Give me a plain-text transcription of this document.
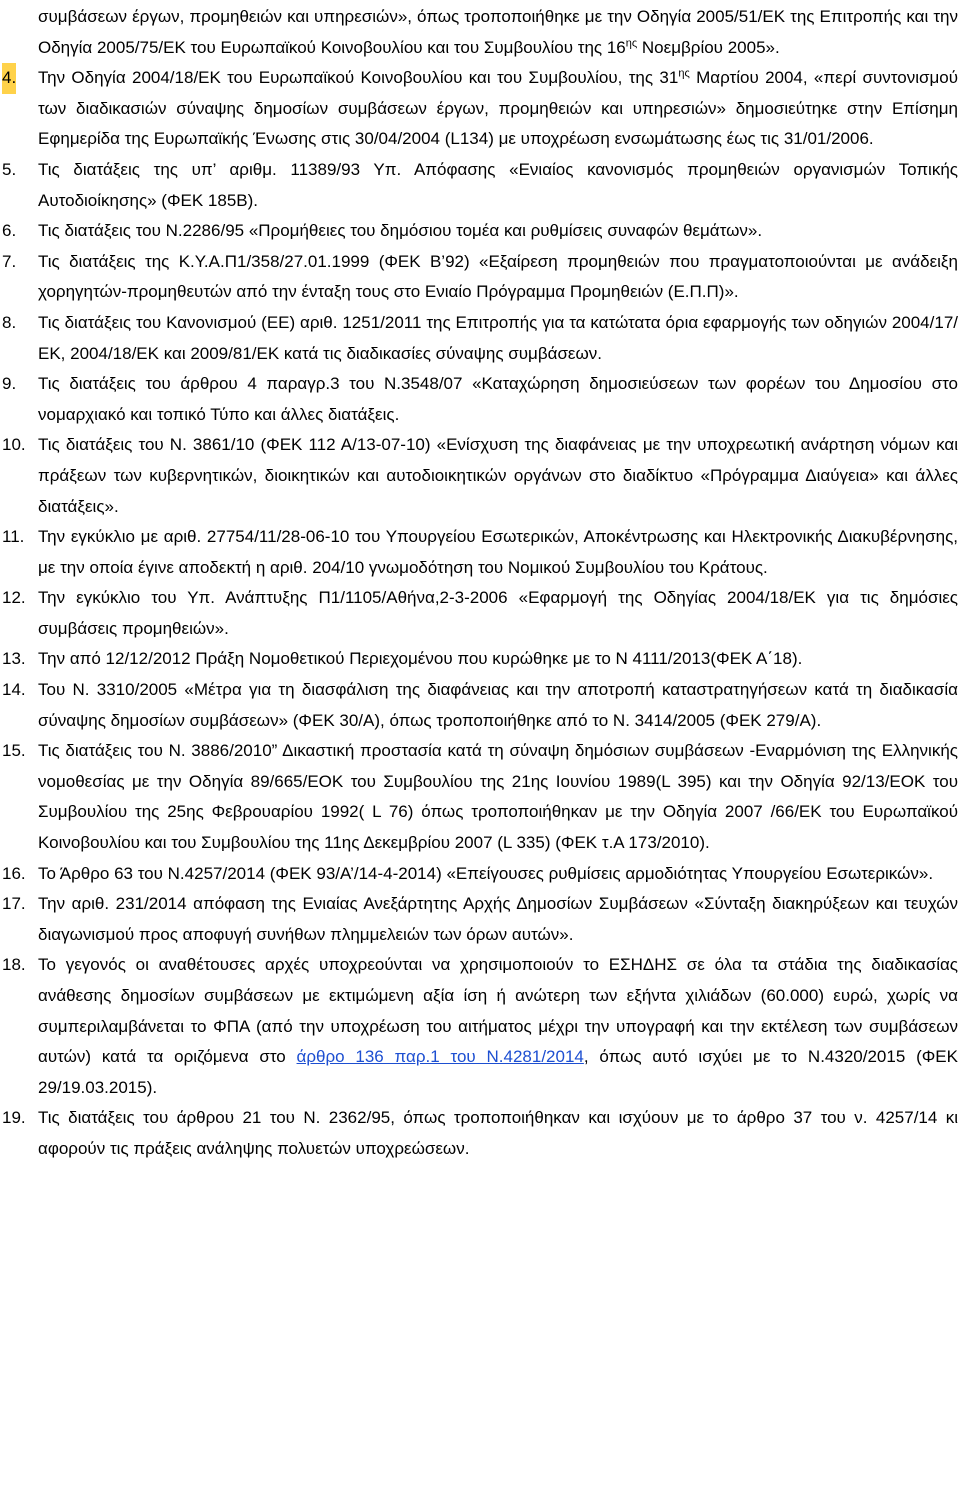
συμβάσεων έργων, προμηθειών και υπηρεσιών», όπως τροποποιήθηκε με την Οδηγία 2005/51/ΕΚ της Επιτροπής και την Οδηγία 2005/75/ΕΚ του Ευρωπαϊκού Κοινοβουλίου και του Συμβουλίου της $16^{\eta\varsigma}$ Νοεμβρίου 2005».

4. Την Οδηγία 2004/18/ΕΚ του Ευρωπαϊκού Κοινοβουλίου και του Συμβουλίου, της $31^{\eta\varsigma}$ Μαρτίου 2004, «περί συντονισμού των διαδικασιών σύναψης δημοσίων συμβάσεων έργων, προμηθειών και υπηρεσιών» δημοσιεύτηκε στην Επίσημη Εφημερίδα της Ευρωπαϊκής Ένωσης στις 30/04/2004 (L134) με υποχρέωση ενσωμάτωσης έως τις 31/01/2006.
5. Τις διατάξεις της υπ’ αριθμ. 11389/93 Υπ. Απόφασης «Ενιαίος κανονισμός προμηθειών οργανισμών Τοπικής Αυτοδιοίκησης» (ΦΕΚ 185Β).
6. Τις διατάξεις του Ν.2286/95 «Προμήθειες του δημόσιου τομέα και ρυθμίσεις συναφών θεμάτων».
7. Τις διατάξεις της Κ.Υ.Α.Π1/358/27.01.1999 (ΦΕΚ Β’92) «Εξαίρεση προμηθειών που πραγματοποιούνται με ανάδειξη χορηγητών-προμηθευτών από την ένταξη τους στο Ενιαίο Πρόγραμμα Προμηθειών (Ε.Π.Π)».
8. Τις διατάξεις του Κανονισμού (ΕΕ) αριθ. 1251/2011 της Επιτροπής για τα κατώτατα όρια εφαρμογής των οδηγιών 2004/17/ΕΚ, 2004/18/ΕΚ και 2009/81/ΕΚ κατά τις διαδικασίες σύναψης συμβάσεων.
9. Τις διατάξεις του άρθρου 4 παραγρ.3 του Ν.3548/07 «Καταχώρηση δημοσιεύσεων των φορέων του Δημοσίου στο νομαρχιακό και τοπικό Τύπο και άλλες διατάξεις.
10. Τις διατάξεις του Ν. 3861/10 (ΦΕΚ 112 Α/13-07-10) «Ενίσχυση της διαφάνειας με την υποχρεωτική ανάρτηση νόμων και πράξεων των κυβερνητικών, διοικητικών και αυτοδιοικητικών οργάνων στο διαδίκτυο «Πρόγραμμα Διαύγεια» και άλλες διατάξεις».
11. Την εγκύκλιο με αριθ. 27754/11/28-06-10 του Υπουργείου Εσωτερικών, Αποκέντρωσης και Ηλεκτρονικής Διακυβέρνησης, με την οποία έγινε αποδεκτή η αριθ. 204/10 γνωμοδότηση του Νομικού Συμβουλίου του Κράτους.
12. Την εγκύκλιο του Υπ. Ανάπτυξης Π1/1105/Αθήνα,2-3-2006 «Εφαρμογή της Οδηγίας 2004/18/ΕΚ για τις δημόσιες συμβάσεις προμηθειών».
13. Την από 12/12/2012 Πράξη Νομοθετικού Περιεχομένου που κυρώθηκε με το Ν 4111/2013(ΦΕΚ Α΄18).
14. Του Ν. 3310/2005 «Μέτρα για τη διασφάλιση της διαφάνειας και την αποτροπή καταστρατηγήσεων κατά τη διαδικασία σύναψης δημοσίων συμβάσεων» (ΦΕΚ 30/Α), όπως τροποποιήθηκε από το Ν. 3414/2005 (ΦΕΚ 279/Α).
15. Τις διατάξεις του Ν. 3886/2010” Δικαστική προστασία κατά τη σύναψη δημόσιων συμβάσεων -Εναρμόνιση της Ελληνικής νομοθεσίας με την Οδηγία 89/665/ΕΟΚ του Συμβουλίου της 21ης Ιουνίου 1989(L 395) και την Οδηγία 92/13/ΕΟΚ του Συμβουλίου της 25ης Φεβρουαρίου 1992( L 76) όπως τροποποιήθηκαν με την Οδηγία 2007 /66/ΕΚ του Ευρωπαϊκού Κοινοβουλίου και του Συμβουλίου της 11ης Δεκεμβρίου 2007 (L 335) (ΦΕΚ τ.Α 173/2010).
16. Το Άρθρο 63 του Ν.4257/2014 (ΦΕΚ 93/Α’/14-4-2014) «Επείγουσες ρυθμίσεις αρμοδιότητας Υπουργείου Εσωτερικών».
17. Την αριθ. 231/2014 απόφαση της Ενιαίας Ανεξάρτητης Αρχής Δημοσίων Συμβάσεων «Σύνταξη διακηρύξεων και τευχών διαγωνισμού προς αποφυγή συνήθων πλημμελειών των όρων αυτών».
18. Το γεγονός οι αναθέτουσες αρχές υποχρεούνται να χρησιμοποιούν το ΕΣΗΔΗΣ σε όλα τα στάδια της διαδικασίας ανάθεσης δημοσίων συμβάσεων με εκτιμώμενη αξία ίση ή ανώτερη των εξήντα χιλιάδων (60.000) ευρώ, χωρίς να συμπεριλαμβάνεται το ΦΠΑ (από την υποχρέωση του αιτήματος μέχρι την υπογραφή και την εκτέλεση των συμβάσεων αυτών) κατά τα οριζόμενα στο άρθρο 136 παρ.1 του Ν.4281/2014, όπως αυτό ισχύει με το Ν.4320/2015 (ΦΕΚ 29/19.03.2015).
19. Τις διατάξεις του άρθρου 21 του Ν. 2362/95, όπως τροποποιήθηκαν και ισχύουν με το άρθρο 37 του ν. 4257/14 κι αφορούν τις πράξεις ανάληψης πολυετών υποχρεώσεων.
